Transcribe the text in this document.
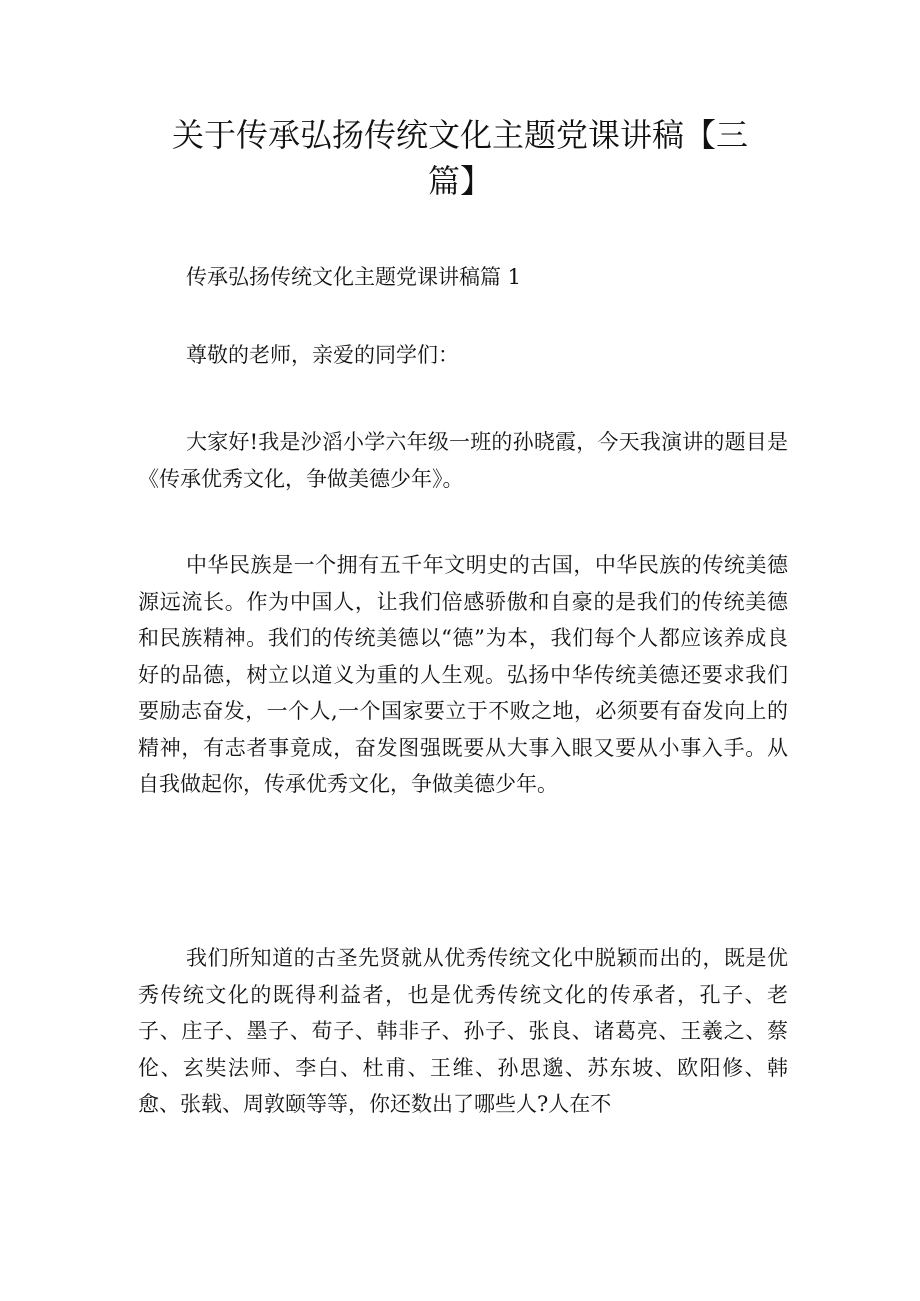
关于传承弘扬传统文化主题党课讲稿【三篇】

传承弘扬传统文化主题党课讲稿篇 1

尊敬的老师，亲爱的同学们：

大家好!我是沙滔小学六年级一班的孙晓霞，今天我演讲的题目是《传承优秀文化，争做美德少年》。

中华民族是一个拥有五千年文明史的古国，中华民族的传统美德源远流长。作为中国人，让我们倍感骄傲和自豪的是我们的传统美德和民族精神。我们的传统美德以“德”为本，我们每个人都应该养成良好的品德，树立以道义为重的人生观。弘扬中华传统美德还要求我们要励志奋发，一个人,一个国家要立于不败之地，必须要有奋发向上的精神，有志者事竟成，奋发图强既要从大事入眼又要从小事入手。从自我做起你，传承优秀文化，争做美德少年。

我们所知道的古圣先贤就从优秀传统文化中脱颖而出的，既是优秀传统文化的既得利益者，也是优秀传统文化的传承者，孔子、老子、庄子、墨子、荀子、韩非子、孙子、张良、诸葛亮、王羲之、蔡伦、玄奘法师、李白、杜甫、王维、孙思邈、苏东坡、欧阳修、韩愈、张载、周敦颐等等，你还数出了哪些人?人在不
